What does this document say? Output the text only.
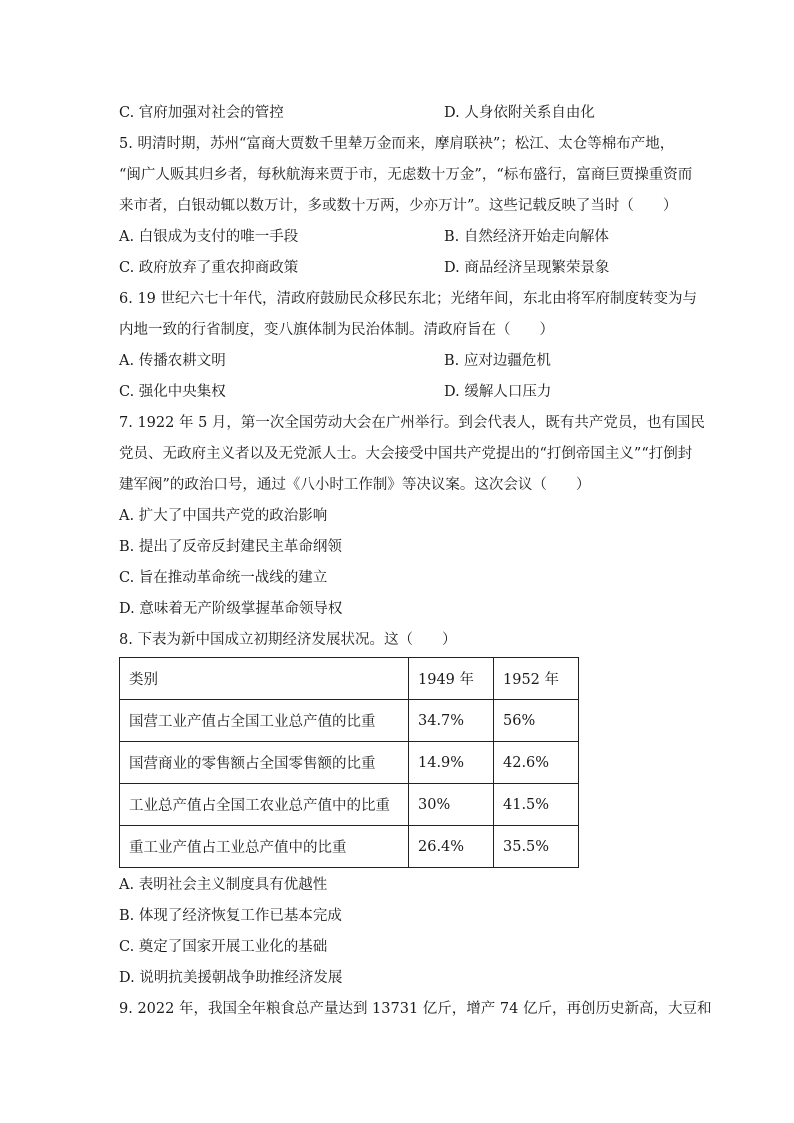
C. 官府加强对社会的管控	D. 人身依附关系自由化
5. 明清时期，苏州“富商大贾数千里辇万金而来，摩肩联袂”；松江、太仓等棉布产地，
“闽广人贩其归乡者，每秋航海来贾于市，无虑数十万金”，“标布盛行，富商巨贾操重资而
来市者，白银动辄以数万计，多或数十万两，少亦万计”。这些记载反映了当时（　　）
A. 白银成为支付的唯一手段	B. 自然经济开始走向解体
C. 政府放弃了重农抑商政策	D. 商品经济呈现繁荣景象
6. 19 世纪六七十年代，清政府鼓励民众移民东北；光绪年间，东北由将军府制度转变为与
内地一致的行省制度，变八旗体制为民治体制。清政府旨在（　　）
A. 传播农耕文明	B. 应对边疆危机
C. 强化中央集权	D. 缓解人口压力
7. 1922 年 5 月，第一次全国劳动大会在广州举行。到会代表人，既有共产党员，也有国民
党员、无政府主义者以及无党派人士。大会接受中国共产党提出的“打倒帝国主义”“打倒封
建军阀”的政治口号，通过《八小时工作制》等决议案。这次会议（　　）
A. 扩大了中国共产党的政治影响
B. 提出了反帝反封建民主革命纲领
C. 旨在推动革命统一战线的建立
D. 意味着无产阶级掌握革命领导权
8. 下表为新中国成立初期经济发展状况。这（　　）
类别	1949 年	1952 年
国营工业产值占全国工业总产值的比重	34.7%	56%
国营商业的零售额占全国零售额的比重	14.9%	42.6%
工业总产值占全国工农业总产值中的比重	30%	41.5%
重工业产值占工业总产值中的比重	26.4%	35.5%
A. 表明社会主义制度具有优越性
B. 体现了经济恢复工作已基本完成
C. 奠定了国家开展工业化的基础
D. 说明抗美援朝战争助推经济发展
9. 2022 年，我国全年粮食总产量达到 13731 亿斤，增产 74 亿斤，再创历史新高，大豆和
